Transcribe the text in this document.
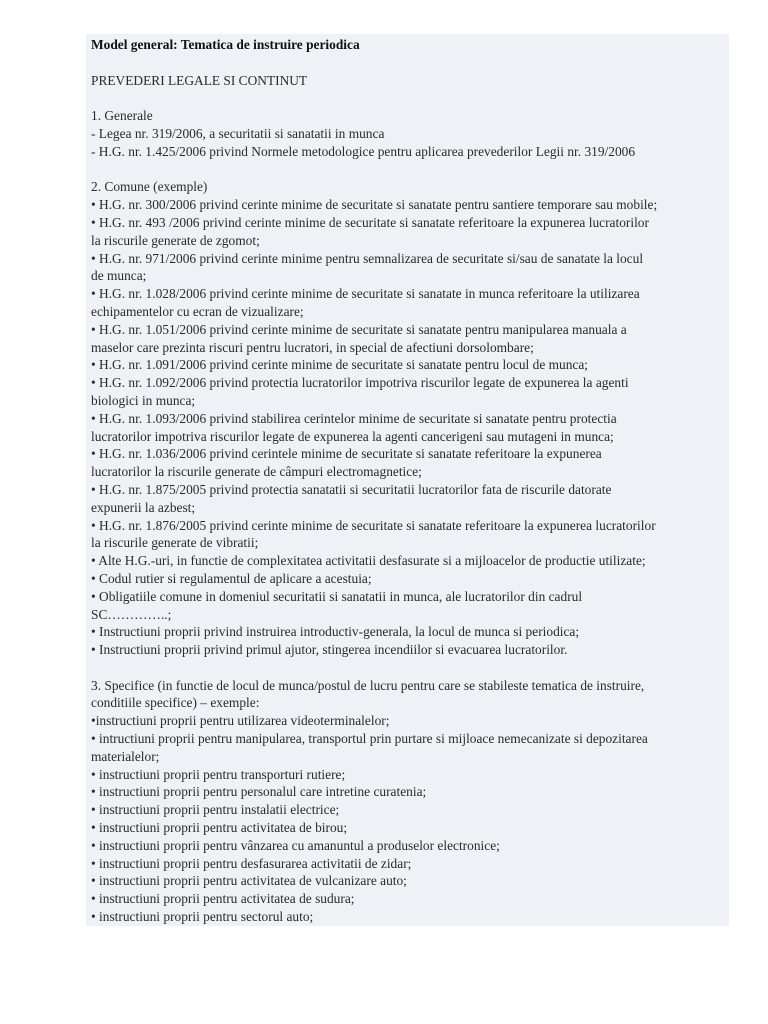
Model general: Tematica de instruire periodica

PREVEDERI LEGALE SI CONTINUT

1. Generale

- Legea nr. 319/2006, a securitatii si sanatatii in munca

- H.G. nr. 1.425/2006 privind Normele metodologice pentru aplicarea prevederilor Legii nr. 319/2006

2. Comune (exemple)

• H.G. nr. 300/2006 privind cerinte minime de securitate si sanatate pentru santiere temporare sau mobile;

• H.G. nr. 493 /2006 privind cerinte minime de securitate si sanatate referitoare la expunerea lucratorilor

la riscurile generate de zgomot;

• H.G. nr. 971/2006 privind cerinte minime pentru semnalizarea de securitate si/sau de sanatate la locul

de munca;

• H.G. nr. 1.028/2006 privind cerinte minime de securitate si sanatate in munca referitoare la utilizarea

echipamentelor cu ecran de vizualizare;

• H.G. nr. 1.051/2006 privind cerinte minime de securitate si sanatate pentru manipularea manuala a

maselor care prezinta riscuri pentru lucratori, in special de afectiuni dorsolombare;

• H.G. nr. 1.091/2006 privind cerinte minime de securitate si sanatate pentru locul de munca;

• H.G. nr. 1.092/2006 privind protectia lucratorilor impotriva riscurilor legate de expunerea la agenti

biologici in munca;

• H.G. nr. 1.093/2006 privind stabilirea cerintelor minime de securitate si sanatate pentru protectia

lucratorilor impotriva riscurilor legate de expunerea la agenti cancerigeni sau mutageni in munca;

• H.G. nr. 1.036/2006 privind cerintele minime de securitate si sanatate referitoare la expunerea

lucratorilor la riscurile generate de câmpuri electromagnetice;

• H.G. nr. 1.875/2005 privind protectia sanatatii si securitatii lucratorilor fata de riscurile datorate

expunerii la azbest;

• H.G. nr. 1.876/2005 privind cerinte minime de securitate si sanatate referitoare la expunerea lucratorilor

la riscurile generate de vibratii;

• Alte H.G.-uri, in functie de complexitatea activitatii desfasurate si a mijloacelor de productie utilizate;

• Codul rutier si regulamentul de aplicare a acestuia;

• Obligatiile comune in domeniul securitatii si sanatatii in munca, ale lucratorilor din cadrul

SC…………..;

• Instructiuni proprii privind instruirea introductiv-generala, la locul de munca si periodica;

• Instructiuni proprii privind primul ajutor, stingerea incendiilor si evacuarea lucratorilor.

3. Specifice (in functie de locul de munca/postul de lucru pentru care se stabileste tematica de instruire,

conditiile specifice) – exemple:

•instructiuni proprii pentru utilizarea videoterminalelor;

• intructiuni proprii pentru manipularea, transportul prin purtare si mijloace nemecanizate si depozitarea

materialelor;

• instructiuni proprii pentru transporturi rutiere;

• instructiuni proprii pentru personalul care intretine curatenia;

• instructiuni proprii pentru instalatii electrice;

• instructiuni proprii pentru activitatea de birou;

• instructiuni proprii pentru vânzarea cu amanuntul a produselor electronice;

• instructiuni proprii pentru desfasurarea activitatii de zidar;

• instructiuni proprii pentru activitatea de vulcanizare auto;

• instructiuni proprii pentru activitatea de sudura;

• instructiuni proprii pentru sectorul auto;
